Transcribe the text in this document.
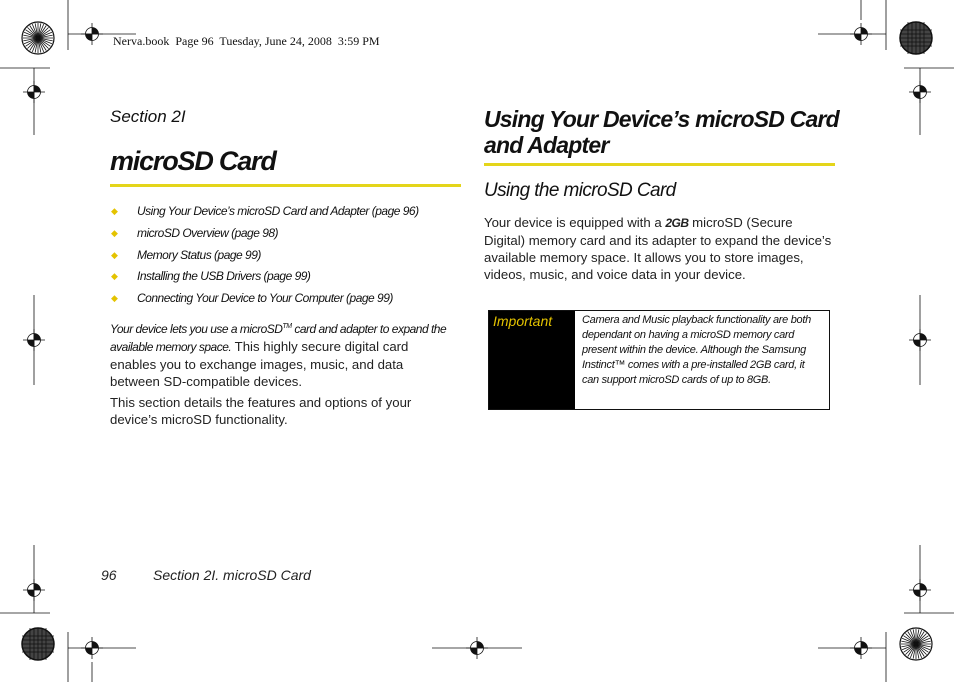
Nerva.book  Page 96  Tuesday, June 24, 2008  3:59 PM
Section 2I
microSD Card
◆ Using Your Device’s microSD Card and Adapter (page 96)
◆ microSD Overview (page 98)
◆ Memory Status (page 99)
◆ Installing the USB Drivers (page 99)
◆ Connecting Your Device to Your Computer (page 99)

Your device lets you use a microSD™ card and adapter to expand the available memory space. This highly secure digital card enables you to exchange images, music, and data between SD-compatible devices.

This section details the features and options of your device’s microSD functionality.

Using Your Device’s microSD Card and Adapter
Using the microSD Card

Your device is equipped with a 2GB microSD (Secure Digital) memory card and its adapter to expand the device’s available memory space. It allows you to store images, videos, music, and voice data in your device.

Important	Camera and Music playback functionality are both dependant on having a microSD memory card present within the device. Although the Samsung Instinct™ comes with a pre-installed 2GB card, it can support microSD cards of up to 8GB.
96	Section 2I. microSD Card
